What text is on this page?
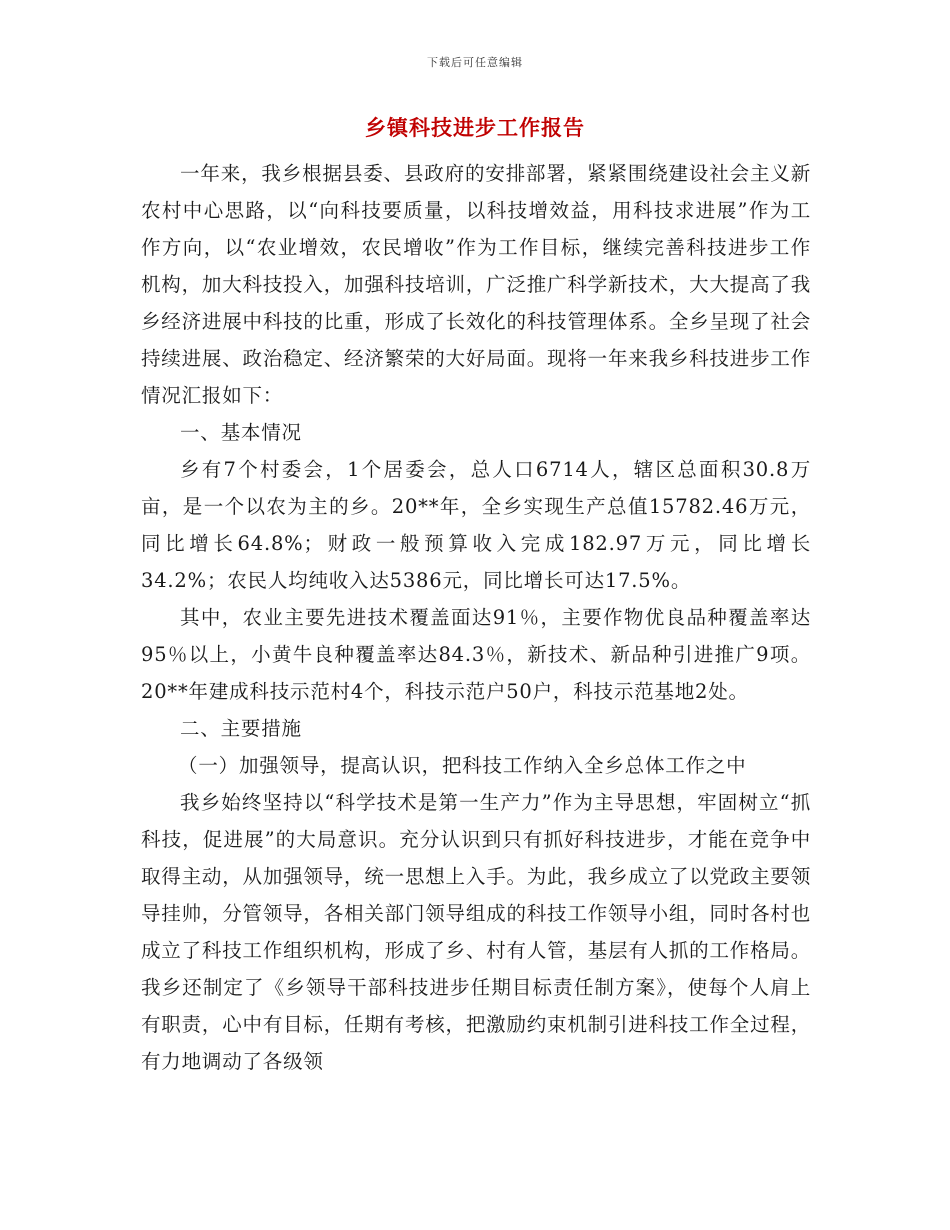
下载后可任意编辑
乡镇科技进步工作报告

一年来，我乡根据县委、县政府的安排部署，紧紧围绕建设社会主义新农村中心思路，以“向科技要质量，以科技增效益，用科技求进展”作为工作方向，以“农业增效，农民增收”作为工作目标，继续完善科技进步工作机构，加大科技投入，加强科技培训，广泛推广科学新技术，大大提高了我乡经济进展中科技的比重，形成了长效化的科技管理体系。全乡呈现了社会持续进展、政治稳定、经济繁荣的大好局面。现将一年来我乡科技进步工作情况汇报如下：

一、基本情况

乡有7个村委会，1个居委会，总人口6714人，辖区总面积30.8万亩，是一个以农为主的乡。20**年，全乡实现生产总值15782.46万元，同比增长64.8%；财政一般预算收入完成182.97万元，同比增长34.2%；农民人均纯收入达5386元，同比增长可达17.5%。

其中，农业主要先进技术覆盖面达91％，主要作物优良品种覆盖率达95％以上，小黄牛良种覆盖率达84.3％，新技术、新品种引进推广9项。20**年建成科技示范村4个，科技示范户50户，科技示范基地2处。

二、主要措施

（一）加强领导，提高认识，把科技工作纳入全乡总体工作之中

我乡始终坚持以“科学技术是第一生产力”作为主导思想，牢固树立“抓科技，促进展”的大局意识。充分认识到只有抓好科技进步，才能在竞争中取得主动，从加强领导，统一思想上入手。为此，我乡成立了以党政主要领导挂帅，分管领导，各相关部门领导组成的科技工作领导小组，同时各村也成立了科技工作组织机构，形成了乡、村有人管，基层有人抓的工作格局。我乡还制定了《乡领导干部科技进步任期目标责任制方案》，使每个人肩上有职责，心中有目标，任期有考核，把激励约束机制引进科技工作全过程，有力地调动了各级领
